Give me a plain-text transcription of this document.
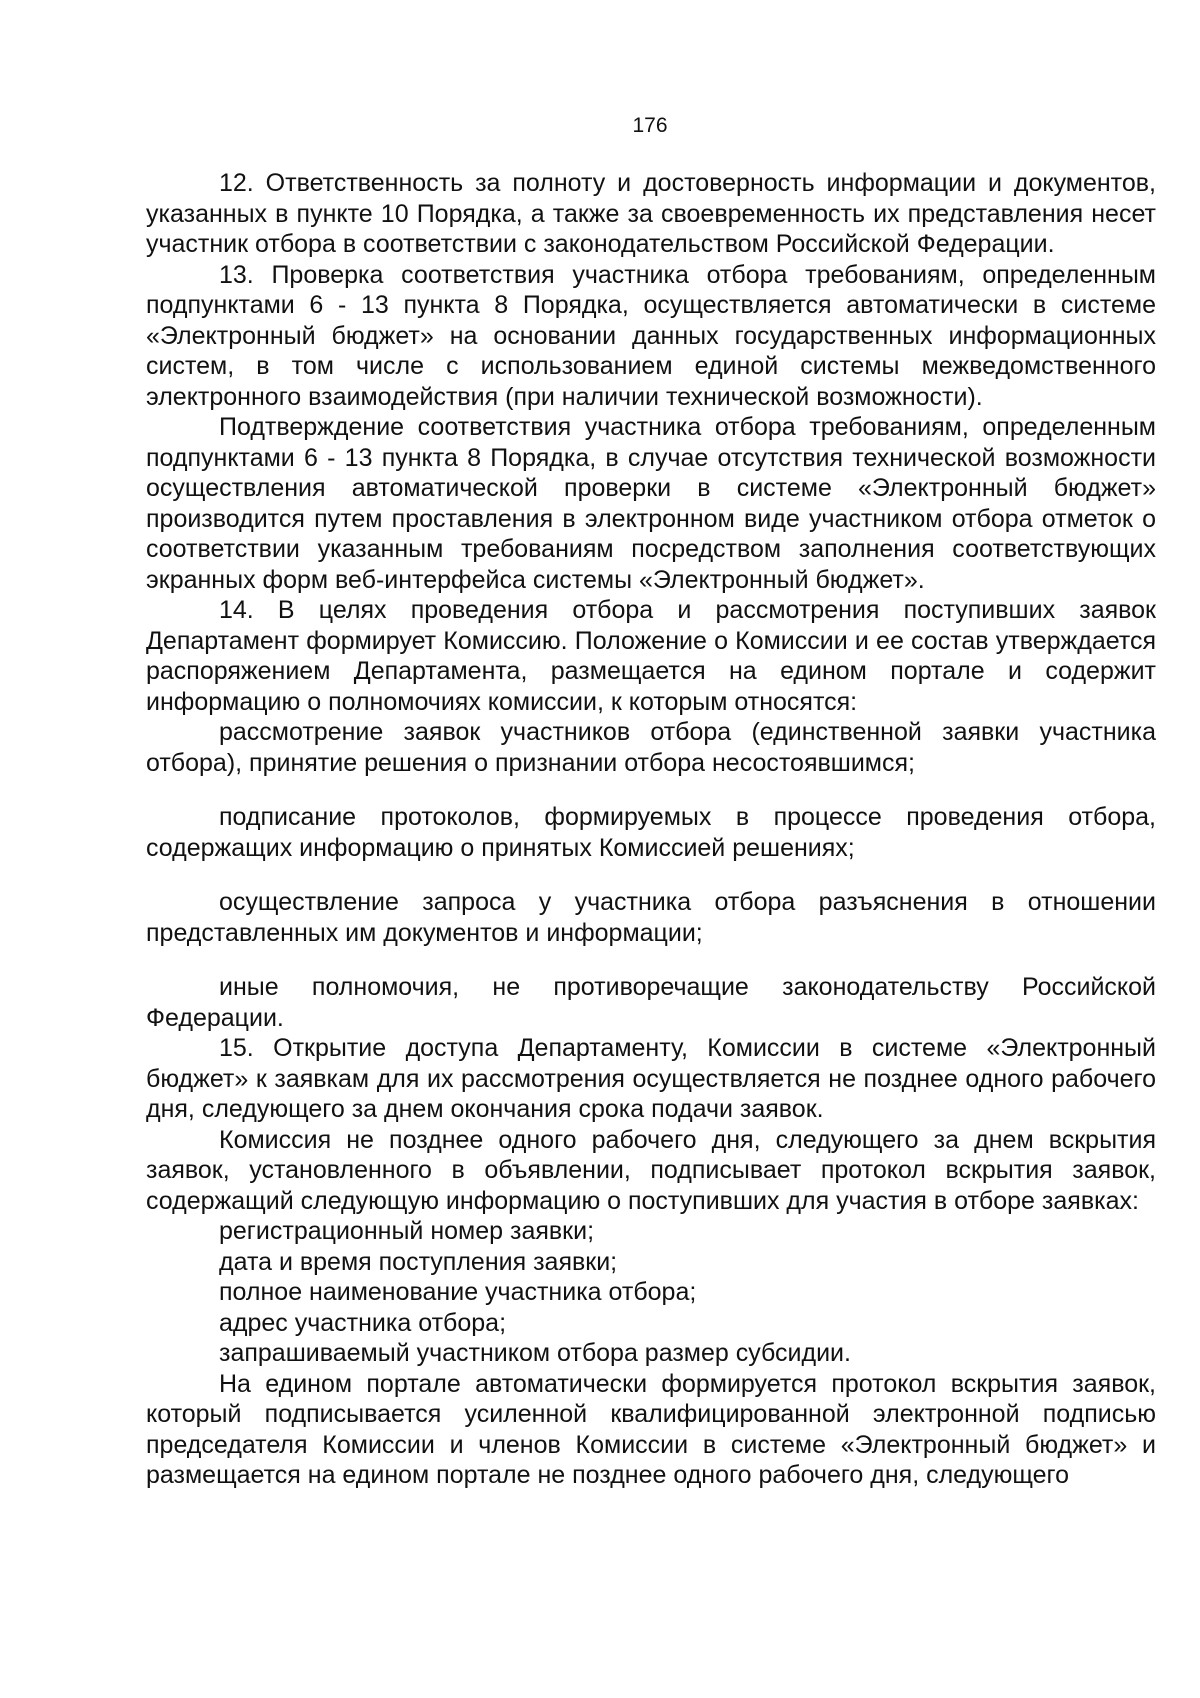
176

12. Ответственность за полноту и достоверность информации и документов, указанных в пункте 10 Порядка, а также за своевременность их представления несет участник отбора в соответствии с законодательством Российской Федерации.

13. Проверка соответствия участника отбора требованиям, определенным подпунктами 6 - 13 пункта 8 Порядка, осуществляется автоматически в системе «Электронный бюджет» на основании данных государственных информационных систем, в том числе с использованием единой системы межведомственного электронного взаимодействия (при наличии технической возможности).

Подтверждение соответствия участника отбора требованиям, определенным подпунктами 6 - 13 пункта 8 Порядка, в случае отсутствия технической возможности осуществления автоматической проверки в системе «Электронный бюджет» производится путем проставления в электронном виде участником отбора отметок о соответствии указанным требованиям посредством заполнения соответствующих экранных форм веб-интерфейса системы «Электронный бюджет».

14. В целях проведения отбора и рассмотрения поступивших заявок Департамент формирует Комиссию. Положение о Комиссии и ее состав утверждается распоряжением Департамента, размещается на едином портале и содержит информацию о полномочиях комиссии, к которым относятся:

рассмотрение заявок участников отбора (единственной заявки участника отбора), принятие решения о признании отбора несостоявшимся;

подписание протоколов, формируемых в процессе проведения отбора, содержащих информацию о принятых Комиссией решениях;

осуществление запроса у участника отбора разъяснения в отношении представленных им документов и информации;

иные полномочия, не противоречащие законодательству Российской Федерации.

15. Открытие доступа Департаменту, Комиссии в системе «Электронный бюджет» к заявкам для их рассмотрения осуществляется не позднее одного рабочего дня, следующего за днем окончания срока подачи заявок.

Комиссия не позднее одного рабочего дня, следующего за днем вскрытия заявок, установленного в объявлении, подписывает протокол вскрытия заявок, содержащий следующую информацию о поступивших для участия в отборе заявках:

регистрационный номер заявки;

дата и время поступления заявки;

полное наименование участника отбора;

адрес участника отбора;

запрашиваемый участником отбора размер субсидии.

На едином портале автоматически формируется протокол вскрытия заявок, который подписывается усиленной квалифицированной электронной подписью председателя Комиссии и членов Комиссии в системе «Электронный бюджет» и размещается на едином портале не позднее одного рабочего дня, следующего
